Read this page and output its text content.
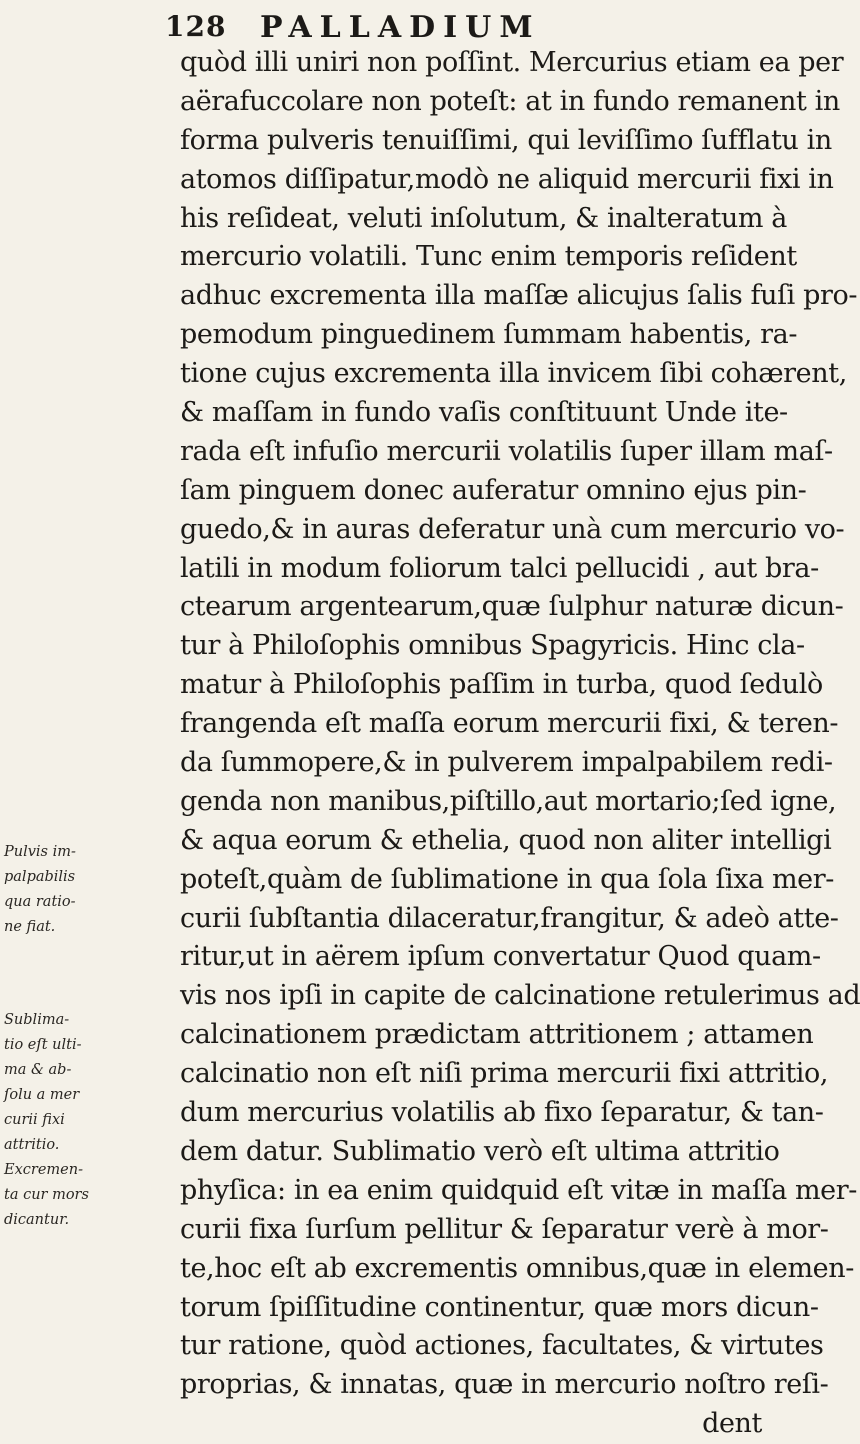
128 PALLADIUM
quòd illi uniri non poſſint. Mercurius etiam ea per
aërafuccolare non poteſt: at in fundo remanent in
forma pulveris tenuiſſimi, qui leviſſimo ſufflatu in
atomos diſſipatur,modò ne aliquid mercurii fixi in
his reſideat, veluti inſolutum, & inalteratum à
mercurio volatili. Tunc enim temporis reſident
adhuc excrementa illa maſſæ alicujus ſalis fuſi pro-
pemodum pinguedinem ſummam habentis, ra-
tione cujus excrementa illa invicem ſibi cohærent,
& maſſam in fundo vaſis conſtituunt Unde ite-
rada eſt infuſio mercurii volatilis ſuper illam maſ-
ſam pinguem donec auferatur omnino ejus pin-
guedo,& in auras deferatur unà cum mercurio vo-
latili in modum foliorum talci pellucidi , aut bra-
ctearum argentearum,quæ ſulphur naturæ dicun-
tur à Philoſophis omnibus Spagyricis. Hinc cla-
matur à Philoſophis paſſim in turba, quod ſedulò
frangenda eſt maſſa eorum mercurii fixi, & teren-
da ſummopere,& in pulverem impalpabilem redi-
genda non manibus,piſtillo,aut mortario;ſed igne,
& aqua eorum & ethelia, quod non aliter intelligi
poteſt,quàm de ſublimatione in qua ſola ſixa mer-
curii ſubſtantia dilaceratur,frangitur, & adeò atte-
ritur,ut in aërem ipſum convertatur Quod quam-
vis nos ipſi in capite de calcinatione retulerimus ad
calcinationem prædictam attritionem ; attamen
calcinatio non eſt niſi prima mercurii fixi attritio,
dum mercurius volatilis ab fixo ſeparatur, & tan-
dem datur. Sublimatio verò eſt ultima attritio
phyſica: in ea enim quidquid eſt vitæ in maſſa mer-
curii fixa ſurſum pellitur & ſeparatur verè à mor-
te,hoc eſt ab excrementis omnibus,quæ in elemen-
torum ſpiſſitudine continentur, quæ mors dicun-
tur ratione, quòd actiones, facultates, & virtutes
proprias, & innatas, quæ in mercurio noſtro reſi-
dent
Pulvis im-
palpabilis
qua ratio-
ne fiat.
Sublima-
tio eſt ulti-
ma & ab-
ſolu a mer
curii fixi
attritio.
Excremen-
ta cur mors
dicantur.
